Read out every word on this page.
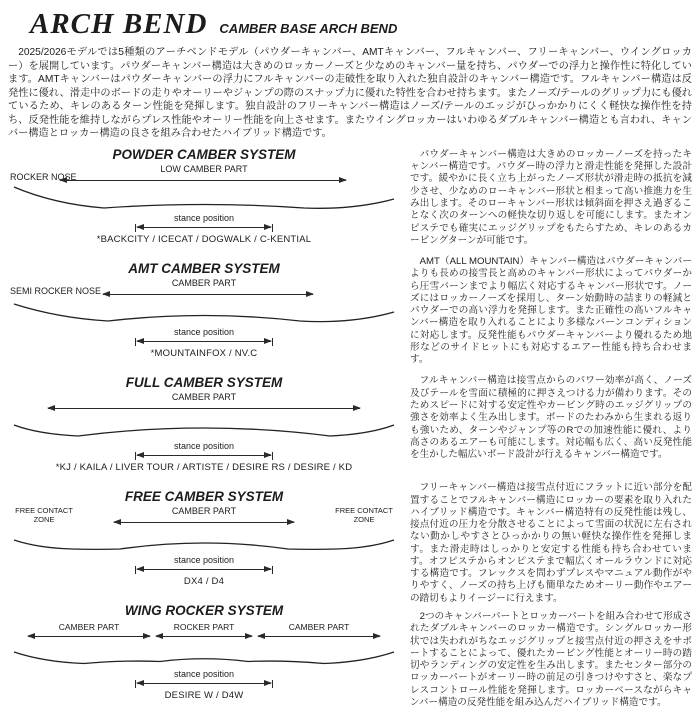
ARCH BEND CAMBER BASE ARCH BEND

2025/2026モデルでは5種類のアーチベンドモデル（パウダーキャンバー、AMTキャンバー、フルキャンバー、フリーキャンバー、ウイングロッカー）を展開しています。パウダーキャンバー構造は大きめのロッカーノーズと少なめのキャンバー量を持ち、パウダーでの浮力と操作性に特化しています。AMTキャンバーはパウダーキャンバーの浮力にフルキャンバーの走破性を取り入れた独自設計のキャンバー構造です。フルキャンバー構造は反発性に優れ、滑走中のボードの走りやオーリーやジャンプの際のスナップ力に優れた特性を合わせ持ちます。またノーズ/テールのグリップ力にも優れているため、キレのあるターン性能を発揮します。独自設計のフリーキャンバー構造はノーズ/テールのエッジがひっかかりにくく軽快な操作性を持ち、反発性能を維持しながらプレス性能やオーリー性能を向上させます。またウイングロッカーはいわゆるダブルキャンバー構造とも言われ、キャンバー構造とロッカー構造の良さを組み合わせたハイブリッド構造です。

POWDER CAMBER SYSTEM
LOW CAMBER PART
ROCKER NOSE
stance position
*BACKCITY / ICECAT / DOGWALK / C-KENTIAL
AMT CAMBER SYSTEM
CAMBER PART
SEMI ROCKER NOSE
stance position
*MOUNTAINFOX / NV.C
FULL CAMBER SYSTEM
CAMBER PART
stance position
*KJ / KAILA / LIVER TOUR / ARTISTE / DESIRE RS / DESIRE / KD
FREE CAMBER SYSTEM
FREE CONTACT ZONE
CAMBER PART	FREE CONTACT ZONE
stance position
DX4 / D4
WING ROCKER SYSTEM
CAMBER PART	ROCKER PART	CAMBER PART
stance position
DESIRE W / D4W

パウダーキャンバー構造は大きめのロッカーノーズを持ったキャンバー構造です。パウダー時の浮力と滑走性能を発揮した設計です。緩やかに長く立ち上がったノーズ形状が滑走時の抵抗を減少させ、少なめのローキャンバー形状と相まって高い推進力を生み出します。そのローキャンバー形状は傾斜面を押さえ過ぎることなく次のターンへの軽快な切り返しを可能にします。またオンピステでも確実にエッジグリップをもたらすため、キレのあるカービングターンが可能です。

AMT（ALL MOUNTAIN）キャンバー構造はパウダーキャンバーよりも長めの接雪長と高めのキャンバー形状によってパウダーから圧雪バーンまでより幅広く対応するキャンバー形状です。ノーズにはロッカーノーズを採用し、ターン始動時の詰まりの軽減とパウダーでの高い浮力を発揮します。また正確性の高いフルキャンバー構造を取り入れることにより多様なバーンコンディションに対応します。反発性能もパウダーキャンバーより優れるため地形などのサイドヒットにも対応するエアー性能も持ち合わせます。

フルキャンバー構造は接雪点からのパワー効率が高く、ノーズ及びテールを雪面に積極的に押さえつける力が備わります。そのためスピードに対する安定性やカービング時のエッジグリップの強さを効率よく生み出します。ボードのたわみから生まれる返りも強いため、ターンやジャンプ等のRでの加速性能に優れ、より高さのあるエアーも可能にします。対応幅も広く、高い反発性能を生かした幅広いボード設計が行えるキャンバー構造です。

フリーキャンバー構造は接雪点付近にフラットに近い部分を配置することでフルキャンバー構造にロッカーの要素を取り入れたハイブリッド構造です。キャンバー構造特有の反発性能は残し、接点付近の圧力を分散させることによって雪面の状況に左右されない動かしやすさとひっかかりの無い軽快な操作性を発揮します。また滑走時はしっかりと安定する性能も持ち合わせています。オフピステからオンピステまで幅広くオールラウンドに対応する構造です。フレックスを問わずプレスやマニュアル動作がやりやすく、ノーズの持ち上げも簡単なためオーリー動作やエアーの踏切もよりイージーに行えます。

2つのキャンバーパートとロッカーパートを組み合わせて形成されたダブルキャンバーのロッカー構造です。シングルロッカー形状では失われがちなエッジグリップと接雪点付近の押さえをサポートすることによって、優れたカービング性能とオーリー時の踏切やランディングの安定性を生み出します。またセンター部分のロッカーパートがオーリー時の前足の引きつけやすさと、楽なプレスコントロール性能を発揮します。ロッカーベースながらキャンバー構造の反発性能を組み込んだハイブリッド構造です。
